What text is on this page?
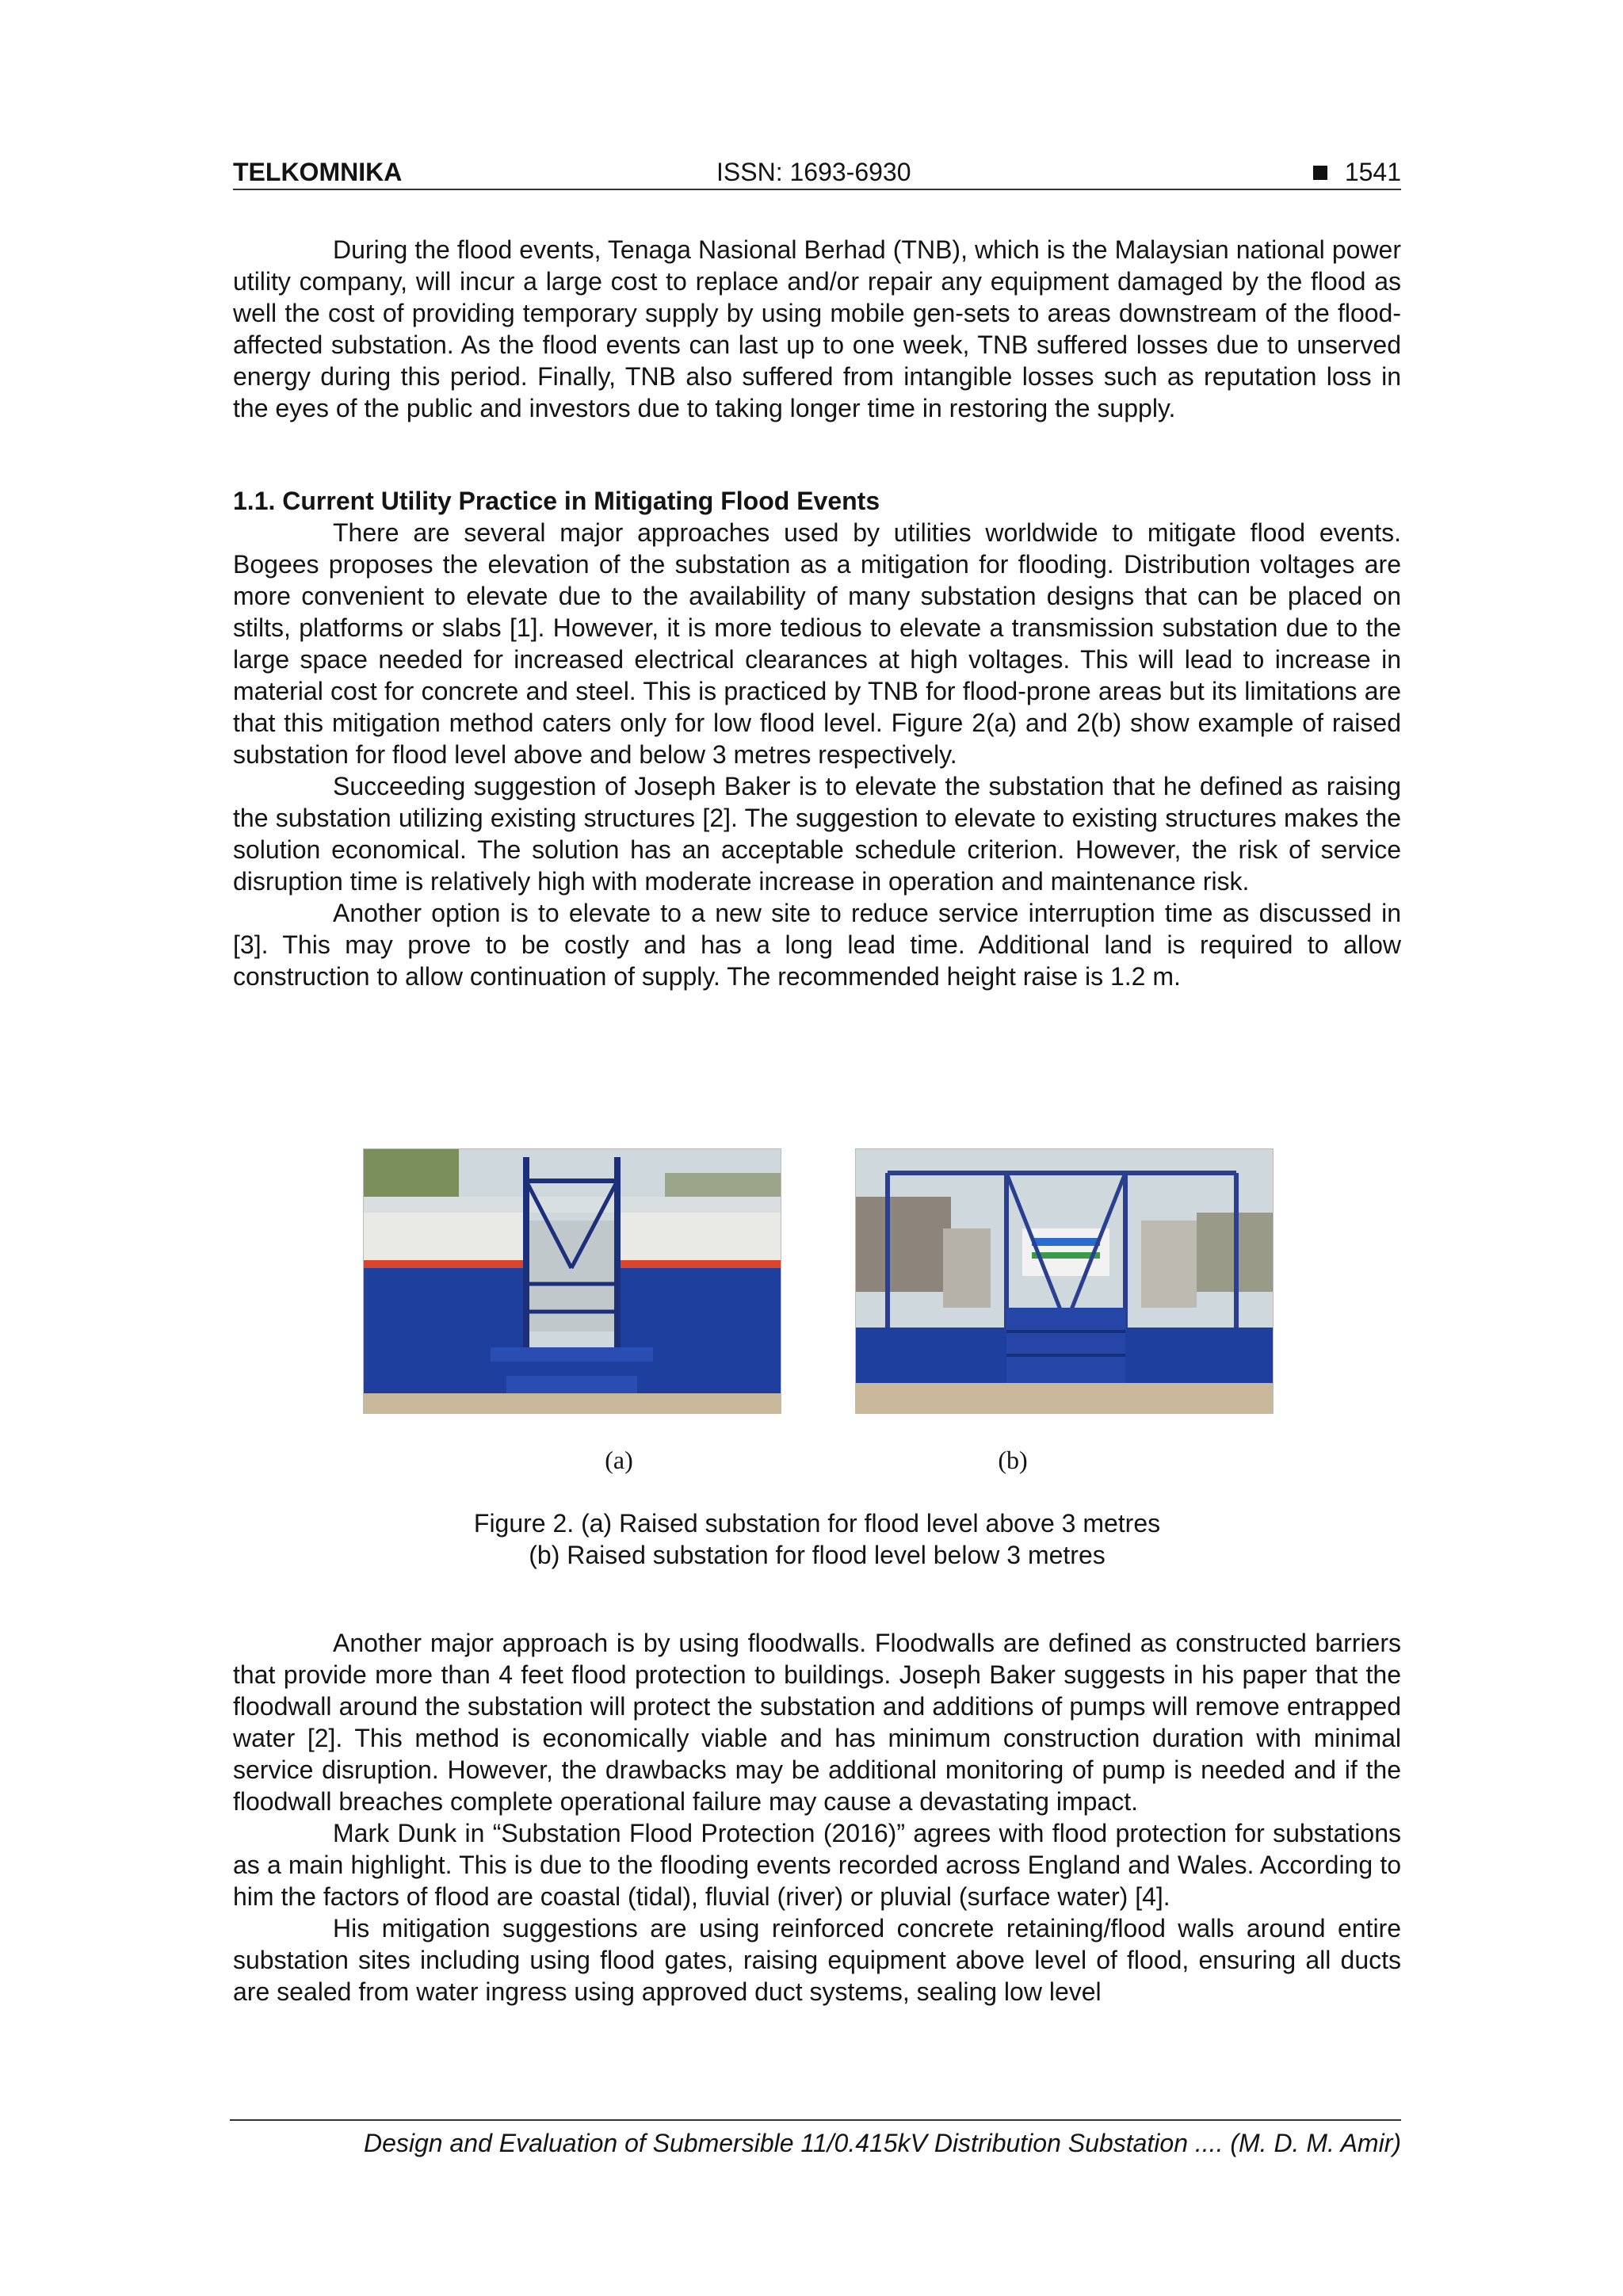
TELKOMNIKA	ISSN: 1693-6930	1541

During the flood events, Tenaga Nasional Berhad (TNB), which is the Malaysian national power utility company, will incur a large cost to replace and/or repair any equipment damaged by the flood as well the cost of providing temporary supply by using mobile gen-sets to areas downstream of the flood-affected substation. As the flood events can last up to one week, TNB suffered losses due to unserved energy during this period. Finally, TNB also suffered from intangible losses such as reputation loss in the eyes of the public and investors due to taking longer time in restoring the supply.

1.1. Current Utility Practice in Mitigating Flood Events

There are several major approaches used by utilities worldwide to mitigate flood events. Bogees proposes the elevation of the substation as a mitigation for flooding. Distribution voltages are more convenient to elevate due to the availability of many substation designs that can be placed on stilts, platforms or slabs [1]. However, it is more tedious to elevate a transmission substation due to the large space needed for increased electrical clearances at high voltages. This will lead to increase in material cost for concrete and steel. This is practiced by TNB for flood-prone areas but its limitations are that this mitigation method caters only for low flood level. Figure 2(a) and 2(b) show example of raised substation for flood level above and below 3 metres respectively.

Succeeding suggestion of Joseph Baker is to elevate the substation that he defined as raising the substation utilizing existing structures [2]. The suggestion to elevate to existing structures makes the solution economical. The solution has an acceptable schedule criterion. However, the risk of service disruption time is relatively high with moderate increase in operation and maintenance risk.

Another option is to elevate to a new site to reduce service interruption time as discussed in [3]. This may prove to be costly and has a long lead time. Additional land is required to allow construction to allow continuation of supply. The recommended height raise is 1.2 m.

(a)	(b)
Figure 2. (a) Raised substation for flood level above 3 metres
(b) Raised substation for flood level below 3 metres

Another major approach is by using floodwalls. Floodwalls are defined as constructed barriers that provide more than 4 feet flood protection to buildings. Joseph Baker suggests in his paper that the floodwall around the substation will protect the substation and additions of pumps will remove entrapped water [2]. This method is economically viable and has minimum construction duration with minimal service disruption. However, the drawbacks may be additional monitoring of pump is needed and if the floodwall breaches complete operational failure may cause a devastating impact.

Mark Dunk in “Substation Flood Protection (2016)” agrees with flood protection for substations as a main highlight. This is due to the flooding events recorded across England and Wales. According to him the factors of flood are coastal (tidal), fluvial (river) or pluvial (surface water) [4].

His mitigation suggestions are using reinforced concrete retaining/flood walls around entire substation sites including using flood gates, raising equipment above level of flood, ensuring all ducts are sealed from water ingress using approved duct systems, sealing low level

Design and Evaluation of Submersible 11/0.415kV Distribution Substation .... (M. D. M. Amir)
